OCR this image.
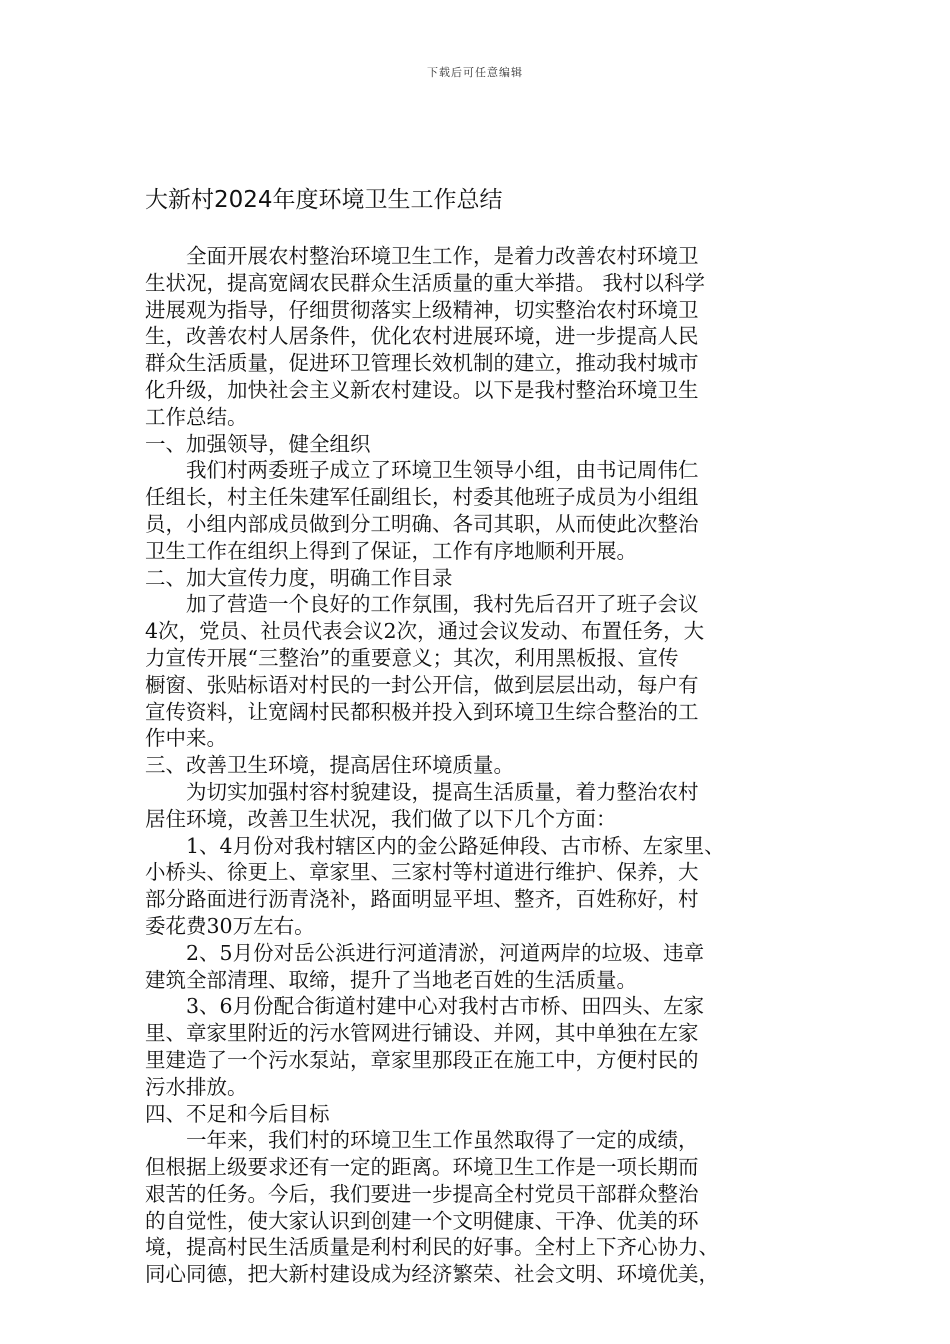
下载后可任意编辑
大新村2024年度环境卫生工作总结

　　全面开展农村整治环境卫生工作，是着力改善农村环境卫

生状况，提高宽阔农民群众生活质量的重大举措。 我村以科学

进展观为指导，仔细贯彻落实上级精神，切实整治农村环境卫

生，改善农村人居条件，优化农村进展环境，进一步提高人民

群众生活质量，促进环卫管理长效机制的建立，推动我村城市

化升级，加快社会主义新农村建设。以下是我村整治环境卫生

工作总结。

一、加强领导，健全组织

　　我们村两委班子成立了环境卫生领导小组，由书记周伟仁

任组长，村主任朱建军任副组长，村委其他班子成员为小组组

员，小组内部成员做到分工明确、各司其职，从而使此次整治

卫生工作在组织上得到了保证，工作有序地顺利开展。

二、加大宣传力度，明确工作目录

　　加了营造一个良好的工作氛围，我村先后召开了班子会议

4次，党员、社员代表会议2次，通过会议发动、布置任务，大

力宣传开展“三整治”的重要意义；其次，利用黑板报、宣传

橱窗、张贴标语对村民的一封公开信，做到层层出动，每户有

宣传资料，让宽阔村民都积极并投入到环境卫生综合整治的工

作中来。

三、改善卫生环境，提高居住环境质量。

　　为切实加强村容村貌建设，提高生活质量，着力整治农村

居住环境，改善卫生状况，我们做了以下几个方面：

　　1、4月份对我村辖区内的金公路延伸段、古市桥、左家里、

小桥头、徐更上、章家里、三家村等村道进行维护、保养，大

部分路面进行沥青浇补，路面明显平坦、整齐，百姓称好，村

委花费30万左右。

　　2、5月份对岳公浜进行河道清淤，河道两岸的垃圾、违章

建筑全部清理、取缔，提升了当地老百姓的生活质量。

　　3、6月份配合街道村建中心对我村古市桥、田四头、左家

里、章家里附近的污水管网进行铺设、并网，其中单独在左家

里建造了一个污水泵站，章家里那段正在施工中，方便村民的

污水排放。

四、不足和今后目标

　　一年来，我们村的环境卫生工作虽然取得了一定的成绩，

但根据上级要求还有一定的距离。环境卫生工作是一项长期而

艰苦的任务。今后，我们要进一步提高全村党员干部群众整治

的自觉性，使大家认识到创建一个文明健康、干净、优美的环

境，提高村民生活质量是利村利民的好事。全村上下齐心协力、

同心同德，把大新村建设成为经济繁荣、社会文明、环境优美，
